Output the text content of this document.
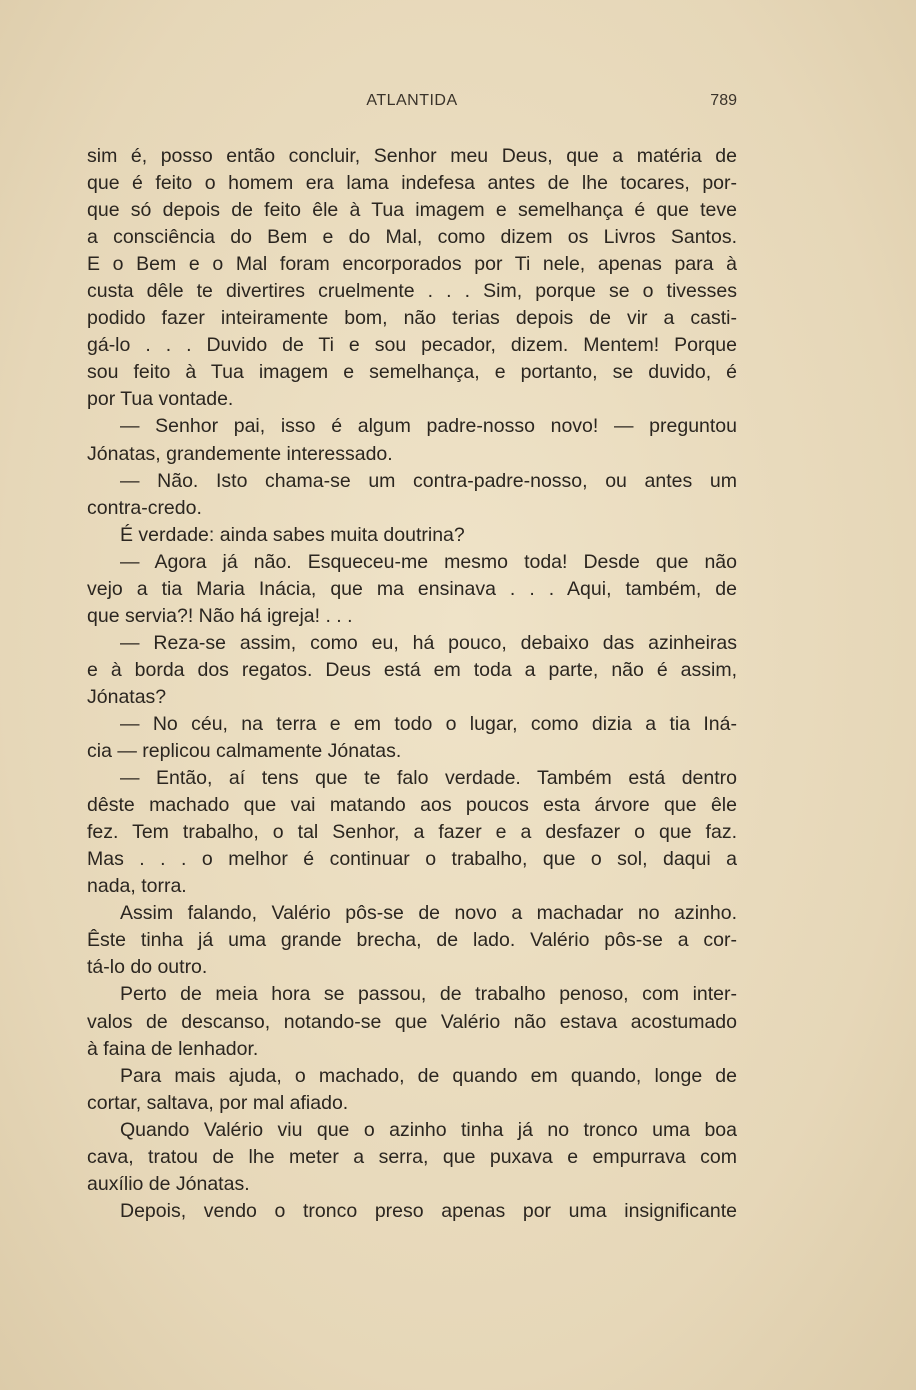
ATLANTIDA	789
sim é, posso então concluir, Senhor meu Deus, que a matéria de
que é feito o homem era lama indefesa antes de lhe tocares, por-
que só depois de feito êle à Tua imagem e semelhança é que teve
a consciência do Bem e do Mal, como dizem os Livros Santos.
E o Bem e o Mal foram encorporados por Ti nele, apenas para à
custa dêle te divertires cruelmente . . . Sim, porque se o tivesses
podido fazer inteiramente bom, não terias depois de vir a casti-
gá-lo . . . Duvido de Ti e sou pecador, dizem. Mentem! Porque
sou feito à Tua imagem e semelhança, e portanto, se duvido, é
por Tua vontade.
— Senhor pai, isso é algum padre-nosso novo! — preguntou
Jónatas, grandemente interessado.
— Não. Isto chama-se um contra-padre-nosso, ou antes um
contra-credo.
É verdade: ainda sabes muita doutrina?
— Agora já não. Esqueceu-me mesmo toda! Desde que não
vejo a tia Maria Inácia, que ma ensinava . . . Aqui, também, de
que servia?! Não há igreja! . . .
— Reza-se assim, como eu, há pouco, debaixo das azinheiras
e à borda dos regatos. Deus está em toda a parte, não é assim,
Jónatas?
— No céu, na terra e em todo o lugar, como dizia a tia Iná-
cia — replicou calmamente Jónatas.
— Então, aí tens que te falo verdade. Também está dentro
dêste machado que vai matando aos poucos esta árvore que êle
fez. Tem trabalho, o tal Senhor, a fazer e a desfazer o que faz.
Mas . . . o melhor é continuar o trabalho, que o sol, daqui a
nada, torra.
Assim falando, Valério pôs-se de novo a machadar no azinho.
Êste tinha já uma grande brecha, de lado. Valério pôs-se a cor-
tá-lo do outro.
Perto de meia hora se passou, de trabalho penoso, com inter-
valos de descanso, notando-se que Valério não estava acostumado
à faina de lenhador.
Para mais ajuda, o machado, de quando em quando, longe de
cortar, saltava, por mal afiado.
Quando Valério viu que o azinho tinha já no tronco uma boa
cava, tratou de lhe meter a serra, que puxava e empurrava com
auxílio de Jónatas.
Depois, vendo o tronco preso apenas por uma insignificante
